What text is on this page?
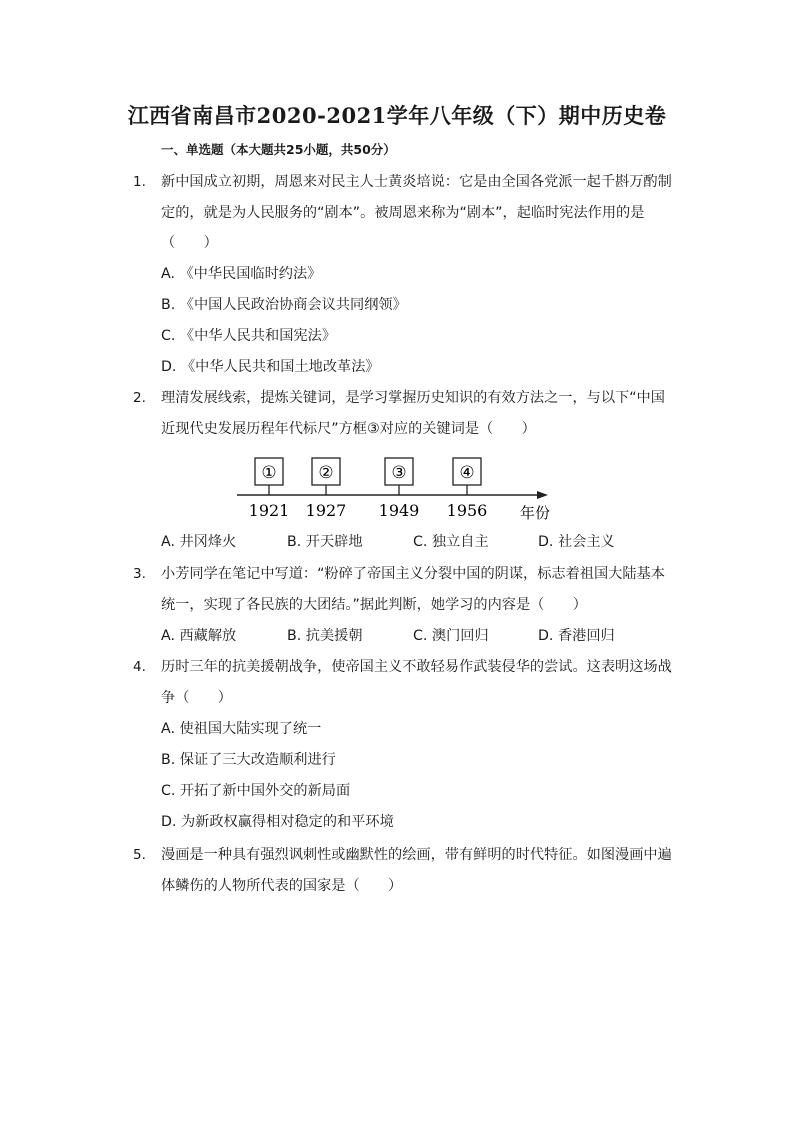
江西省南昌市2020-2021学年八年级（下）期中历史卷
一、单选题（本大题共25小题，共50分）
1. 新中国成立初期，周恩来对民主人士黄炎培说：它是由全国各党派一起千斟万酌制
定的，就是为人民服务的“剧本”。被周恩来称为“剧本”，起临时宪法作用的是
（　　）
A. 《中华民国临时约法》
B. 《中国人民政治协商会议共同纲领》
C. 《中华人民共和国宪法》
D. 《中华人民共和国土地改革法》
2. 理清发展线索，提炼关键词，是学习掌握历史知识的有效方法之一，与以下“中国
近现代史发展历程年代标尺”方框③对应的关键词是（　　）
① ②	③	④
1921 1927 1949 1956 年份
A. 井冈烽火	B. 开天辟地	C. 独立自主	D. 社会主义
3. 小芳同学在笔记中写道：“粉碎了帝国主义分裂中国的阴谋，标志着祖国大陆基本
统一，实现了各民族的大团结。”据此判断，她学习的内容是（　　）
A. 西藏解放	B. 抗美援朝	C. 澳门回归	D. 香港回归
4. 历时三年的抗美援朝战争，使帝国主义不敢轻易作武装侵华的尝试。这表明这场战
争（　　）
A. 使祖国大陆实现了统一
B. 保证了三大改造顺利进行
C. 开拓了新中国外交的新局面
D. 为新政权赢得相对稳定的和平环境
5. 漫画是一种具有强烈讽刺性或幽默性的绘画，带有鲜明的时代特征。如图漫画中遍
体鳞伤的人物所代表的国家是（　　）
